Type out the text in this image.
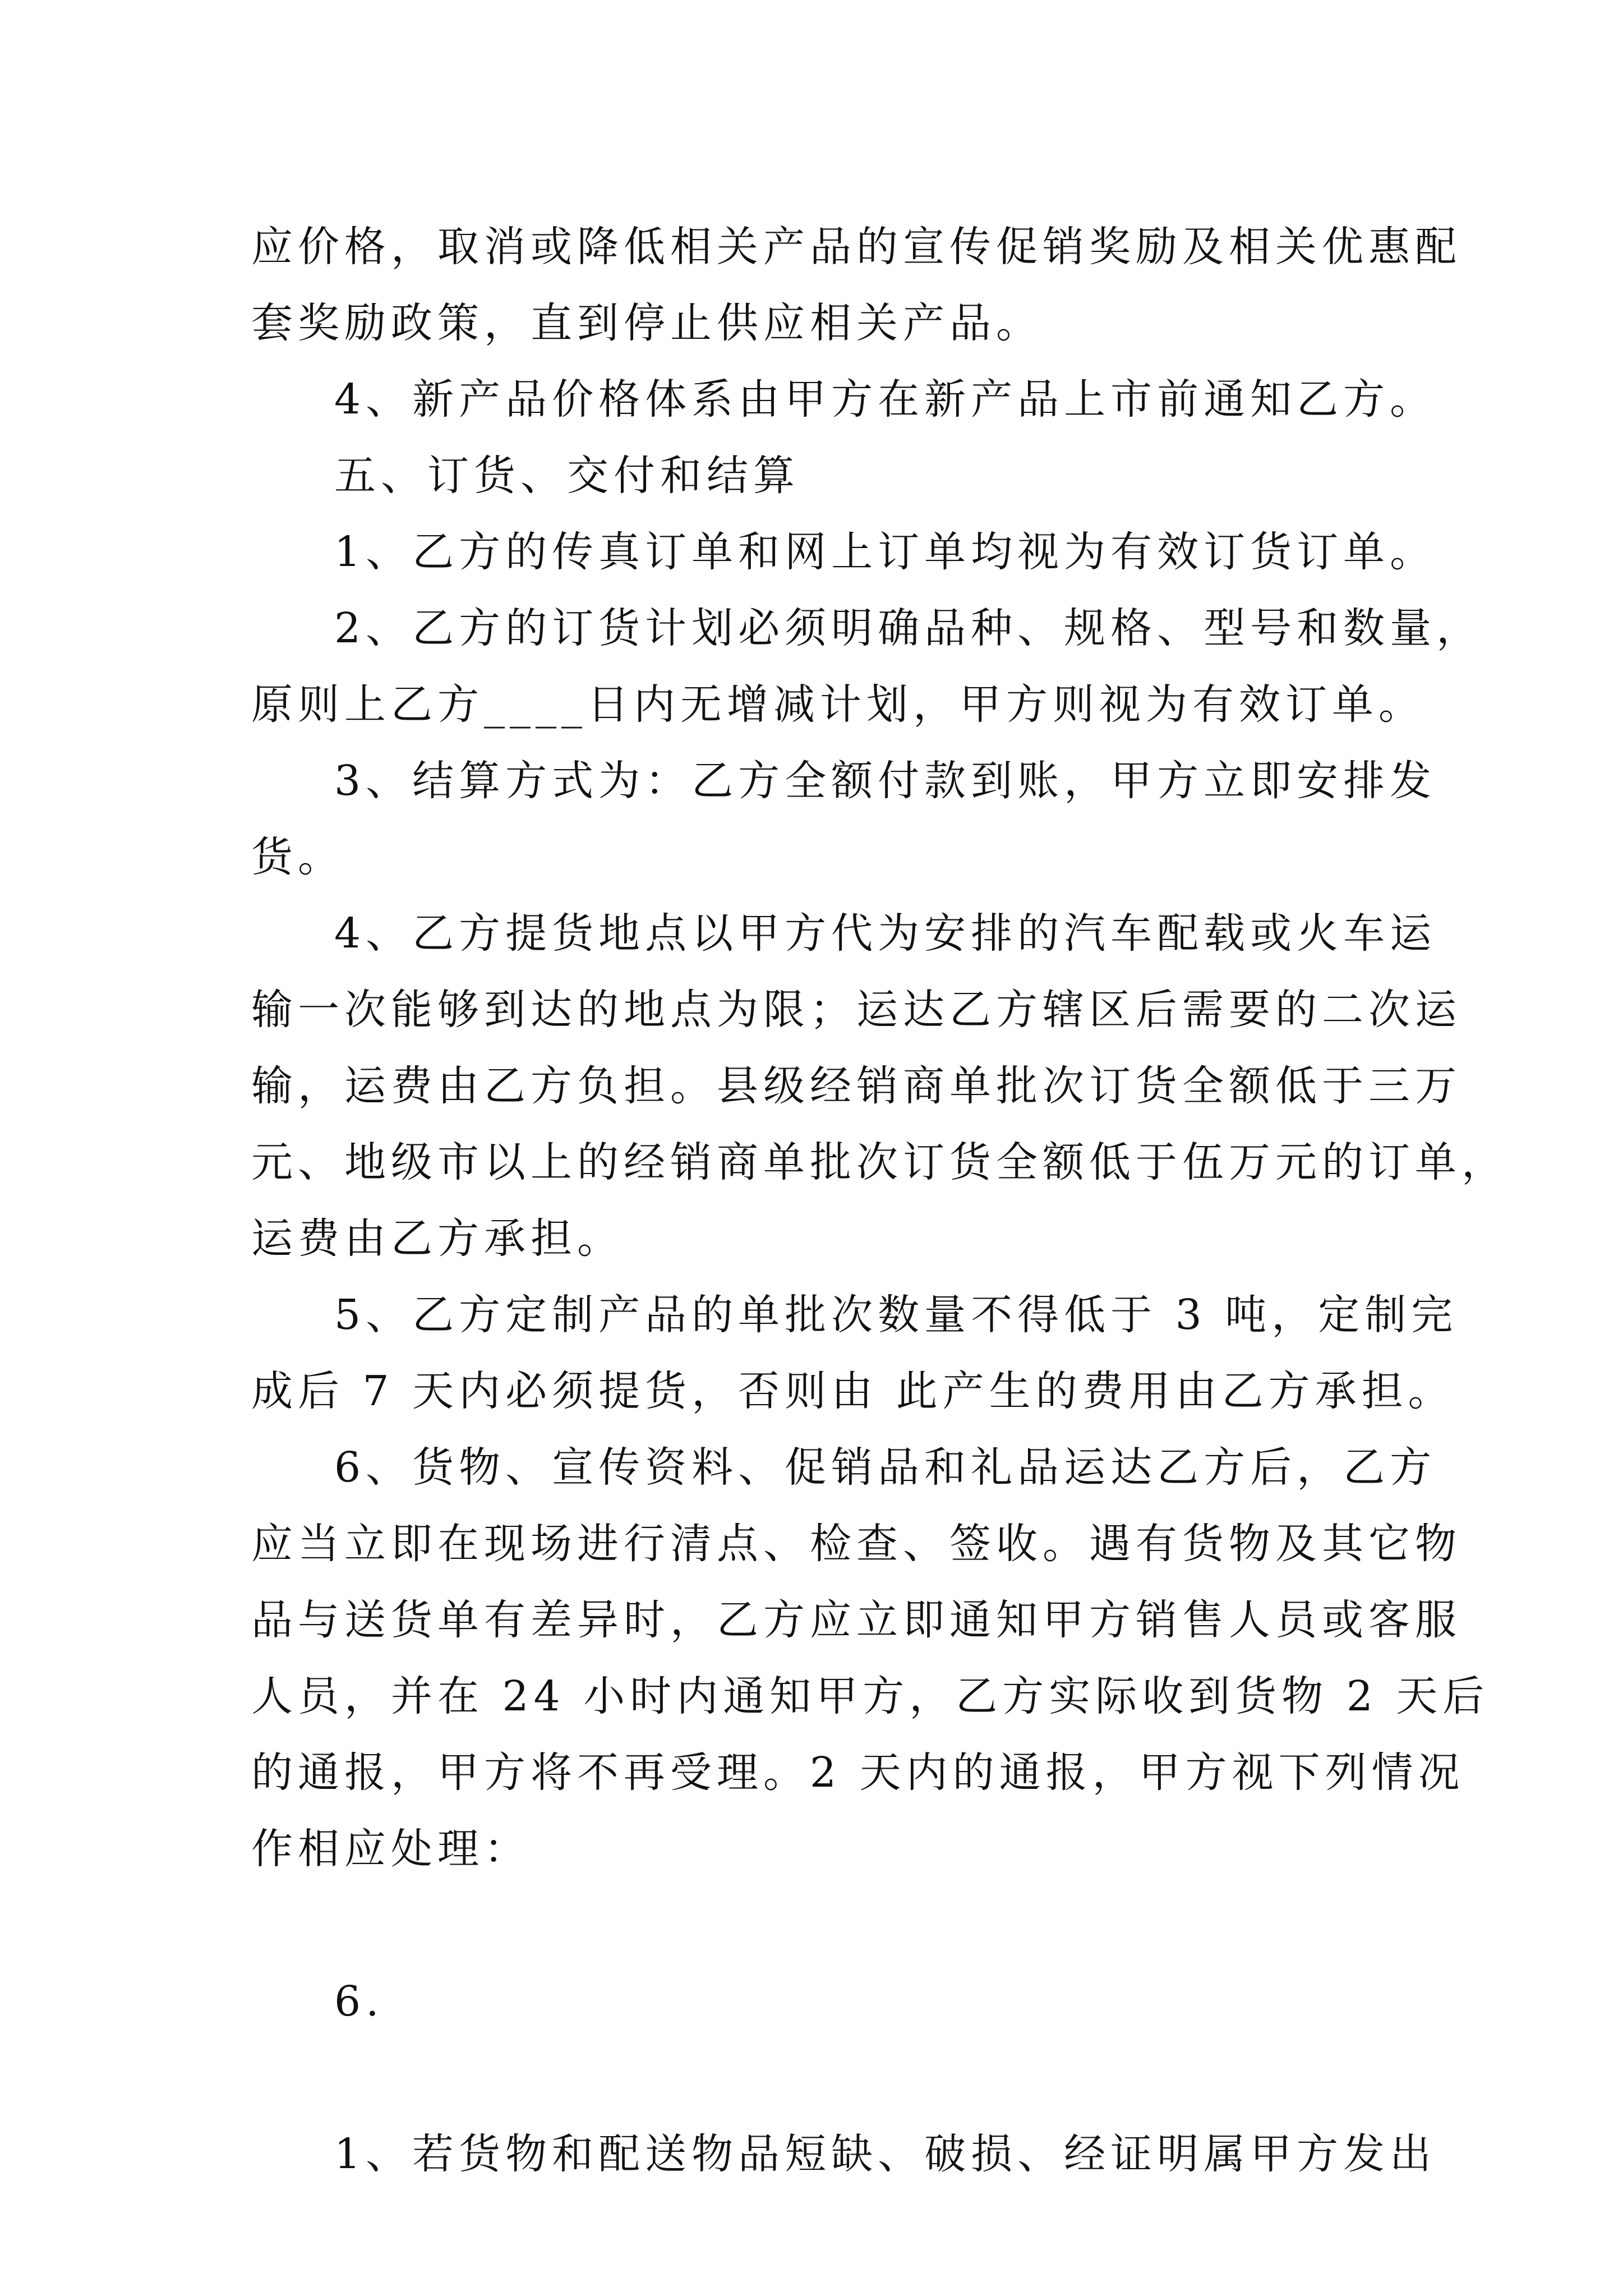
应价格，取消或降低相关产品的宣传促销奖励及相关优惠配
套奖励政策，直到停止供应相关产品。
4、新产品价格体系由甲方在新产品上市前通知乙方。
五、订货、交付和结算
1、乙方的传真订单和网上订单均视为有效订货订单。
2、乙方的订货计划必须明确品种、规格、型号和数量，
原则上乙方____日内无增减计划，甲方则视为有效订单。
3、结算方式为：乙方全额付款到账，甲方立即安排发
货。
4、乙方提货地点以甲方代为安排的汽车配载或火车运
输一次能够到达的地点为限；运达乙方辖区后需要的二次运
输，运费由乙方负担。县级经销商单批次订货全额低于三万
元、地级市以上的经销商单批次订货全额低于伍万元的订单，
运费由乙方承担。
5、乙方定制产品的单批次数量不得低于 3 吨，定制完
成后 7 天内必须提货，否则由 此产生的费用由乙方承担。
6、货物、宣传资料、促销品和礼品运达乙方后，乙方
应当立即在现场进行清点、检查、签收。遇有货物及其它物
品与送货单有差异时，乙方应立即通知甲方销售人员或客服
人员，并在 24 小时内通知甲方，乙方实际收到货物 2 天后
的通报，甲方将不再受理。2 天内的通报，甲方视下列情况
作相应处理：
6.
1、若货物和配送物品短缺、破损、经证明属甲方发出
